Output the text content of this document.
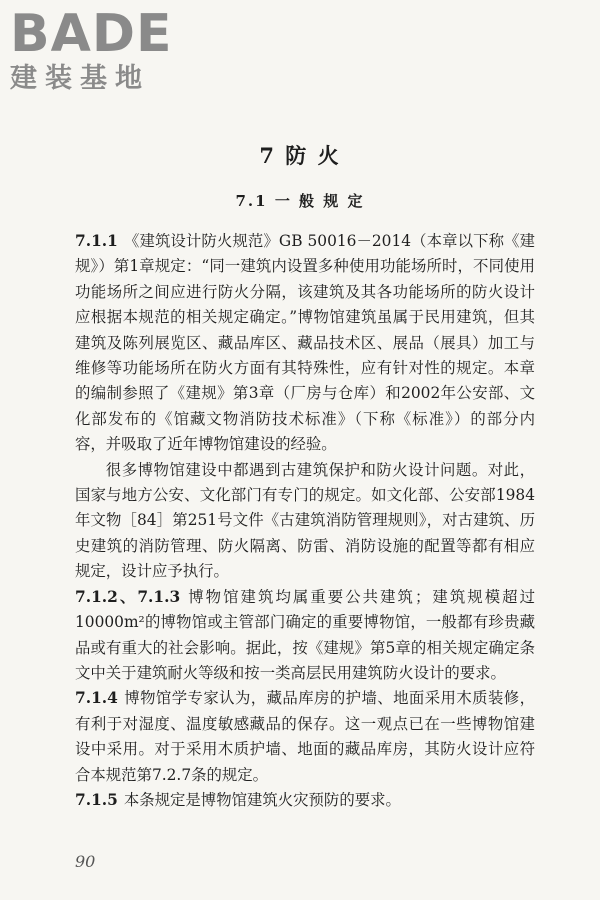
BADE
建装基地
7 防 火
7.1 一 般 规 定

7.1.1 《建筑设计防火规范》GB 50016－2014（本章以下称《建规》）第1章规定：“同一建筑内设置多种使用功能场所时，不同使用功能场所之间应进行防火分隔，该建筑及其各功能场所的防火设计应根据本规范的相关规定确定。”博物馆建筑虽属于民用建筑，但其建筑及陈列展览区、藏品库区、藏品技术区、展品（展具）加工与维修等功能场所在防火方面有其特殊性，应有针对性的规定。本章的编制参照了《建规》第3章（厂房与仓库）和2002年公安部、文化部发布的《馆藏文物消防技术标准》（下称《标准》）的部分内容，并吸取了近年博物馆建设的经验。

很多博物馆建设中都遇到古建筑保护和防火设计问题。对此，国家与地方公安、文化部门有专门的规定。如文化部、公安部1984年文物［84］第251号文件《古建筑消防管理规则》，对古建筑、历史建筑的消防管理、防火隔离、防雷、消防设施的配置等都有相应规定，设计应予执行。

7.1.2、7.1.3 博物馆建筑均属重要公共建筑；建筑规模超过10000m²的博物馆或主管部门确定的重要博物馆，一般都有珍贵藏品或有重大的社会影响。据此，按《建规》第5章的相关规定确定条文中关于建筑耐火等级和按一类高层民用建筑防火设计的要求。

7.1.4 博物馆学专家认为，藏品库房的护墙、地面采用木质装修，有利于对湿度、温度敏感藏品的保存。这一观点已在一些博物馆建设中采用。对于采用木质护墙、地面的藏品库房，其防火设计应符合本规范第7.2.7条的规定。

7.1.5 本条规定是博物馆建筑火灾预防的要求。

90
